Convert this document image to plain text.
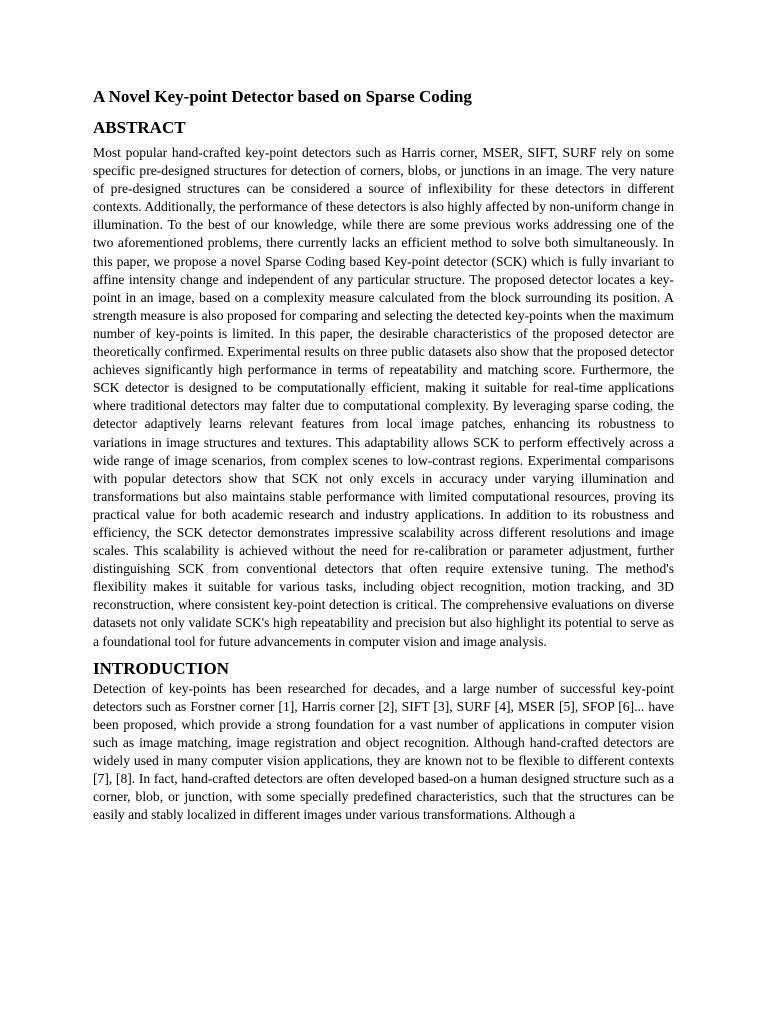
A Novel Key-point Detector based on Sparse Coding
ABSTRACT

Most popular hand-crafted key-point detectors such as Harris corner, MSER, SIFT, SURF rely on some specific pre-designed structures for detection of corners, blobs, or junctions in an image. The very nature of pre-designed structures can be considered a source of inflexibility for these detectors in different contexts. Additionally, the performance of these detectors is also highly affected by non-uniform change in illumination. To the best of our knowledge, while there are some previous works addressing one of the two aforementioned problems, there currently lacks an efficient method to solve both simultaneously. In this paper, we propose a novel Sparse Coding based Key-point detector (SCK) which is fully invariant to affine intensity change and independent of any particular structure. The proposed detector locates a key-point in an image, based on a complexity measure calculated from the block surrounding its position. A strength measure is also proposed for comparing and selecting the detected key-points when the maximum number of key-points is limited. In this paper, the desirable characteristics of the proposed detector are theoretically confirmed. Experimental results on three public datasets also show that the proposed detector achieves significantly high performance in terms of repeatability and matching score. Furthermore, the SCK detector is designed to be computationally efficient, making it suitable for real-time applications where traditional detectors may falter due to computational complexity. By leveraging sparse coding, the detector adaptively learns relevant features from local image patches, enhancing its robustness to variations in image structures and textures. This adaptability allows SCK to perform effectively across a wide range of image scenarios, from complex scenes to low-contrast regions. Experimental comparisons with popular detectors show that SCK not only excels in accuracy under varying illumination and transformations but also maintains stable performance with limited computational resources, proving its practical value for both academic research and industry applications. In addition to its robustness and efficiency, the SCK detector demonstrates impressive scalability across different resolutions and image scales. This scalability is achieved without the need for re-calibration or parameter adjustment, further distinguishing SCK from conventional detectors that often require extensive tuning. The method's flexibility makes it suitable for various tasks, including object recognition, motion tracking, and 3D reconstruction, where consistent key-point detection is critical. The comprehensive evaluations on diverse datasets not only validate SCK's high repeatability and precision but also highlight its potential to serve as a foundational tool for future advancements in computer vision and image analysis.

INTRODUCTION

Detection of key-points has been researched for decades, and a large number of successful key-point detectors such as Forstner corner [1], Harris corner [2], SIFT [3], SURF [4], MSER [5], SFOP [6]... have been proposed, which provide a strong foundation for a vast number of applications in computer vision such as image matching, image registration and object recognition. Although hand-crafted detectors are widely used in many computer vision applications, they are known not to be flexible to different contexts [7], [8]. In fact, hand-crafted detectors are often developed based-on a human designed structure such as a corner, blob, or junction, with some specially predefined characteristics, such that the structures can be easily and stably localized in different images under various transformations. Although a
